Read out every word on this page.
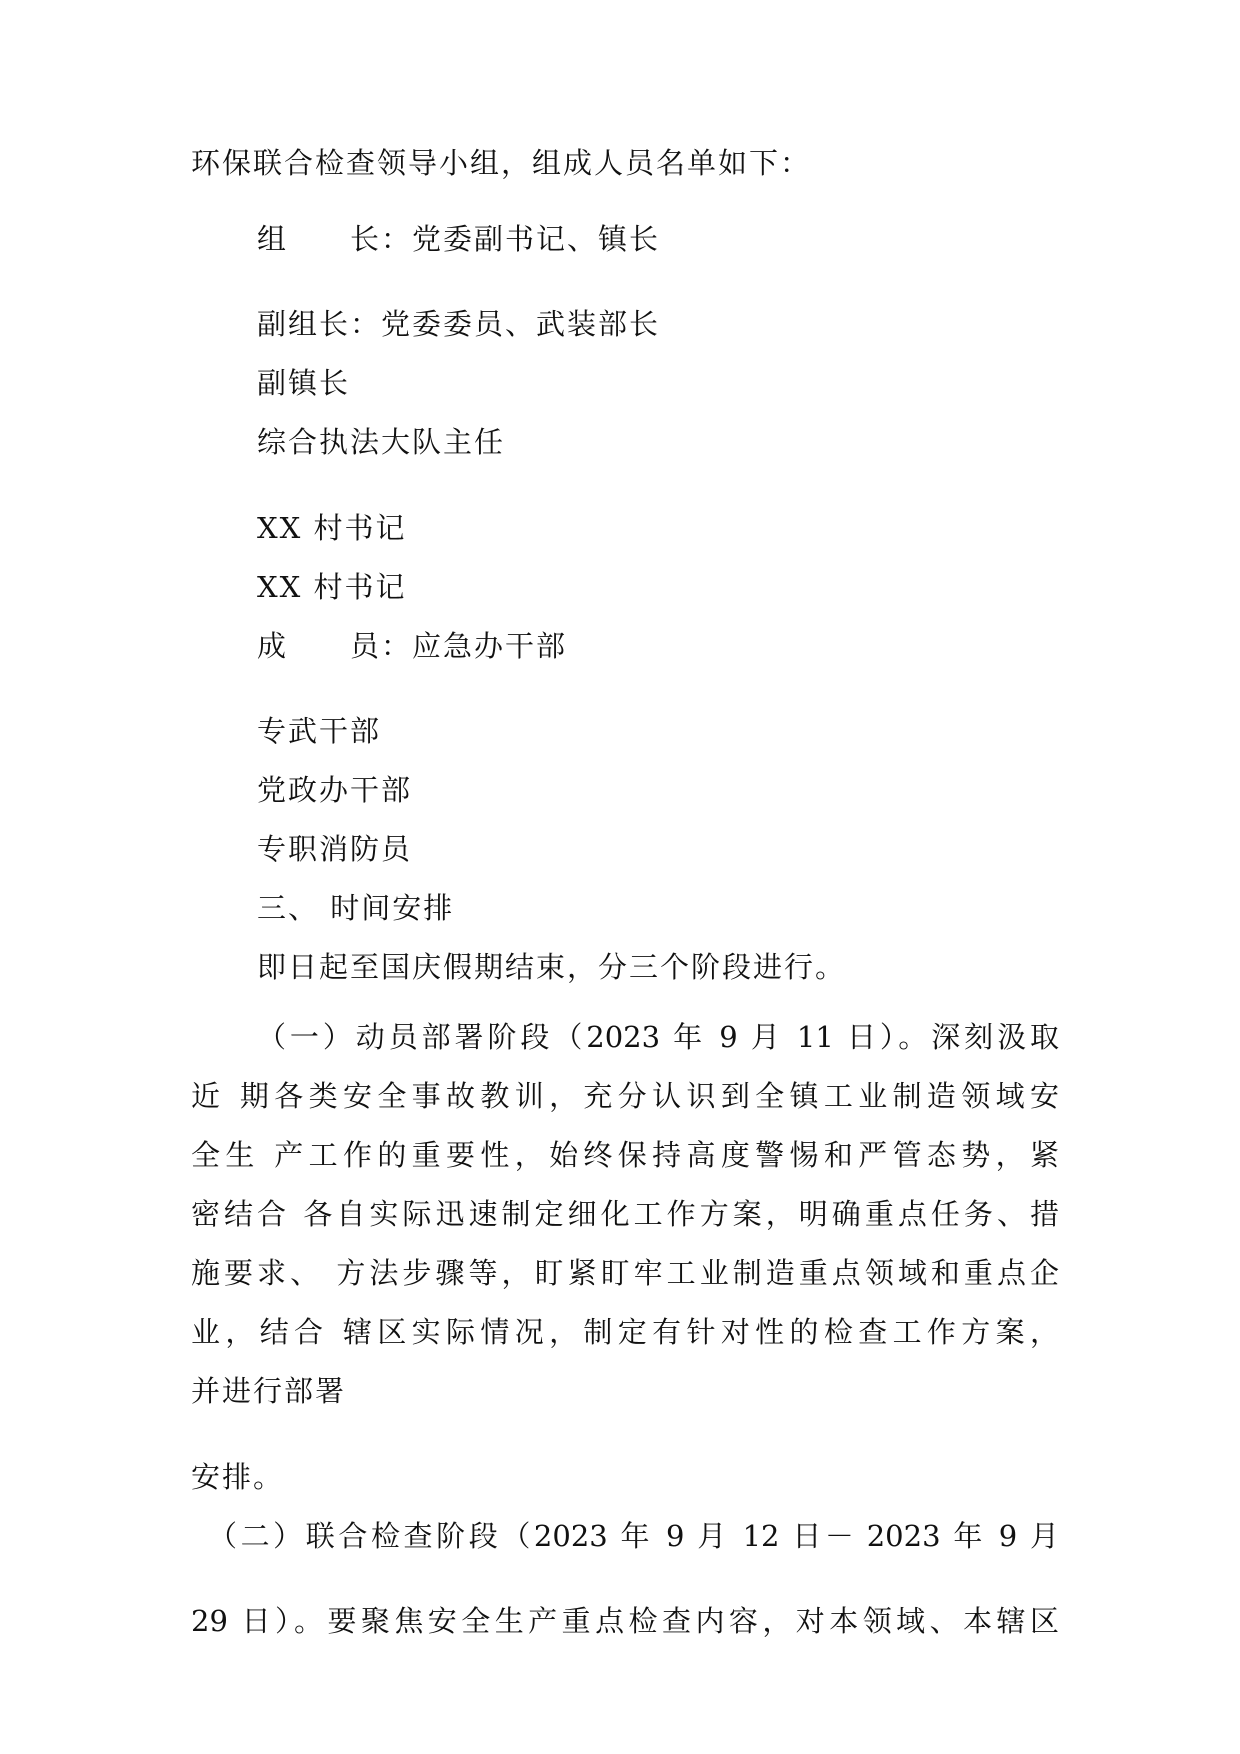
环保联合检查领导小组，组成人员名单如下：
组　　长：党委副书记、镇长
副组长：党委委员、武装部长
副镇长
综合执法大队主任
XX 村书记
XX 村书记
成　　员：应急办干部
专武干部
党政办干部
专职消防员
三、 时间安排
即日起至国庆假期结束，分三个阶段进行。
（一）动员部署阶段（2023 年 9 月 11 日）。深刻汲取
近 期各类安全事故教训，充分认识到全镇工业制造领域安
全生 产工作的重要性，始终保持高度警惕和严管态势，紧
密结合 各自实际迅速制定细化工作方案，明确重点任务、措
施要求、 方法步骤等，盯紧盯牢工业制造重点领域和重点企
业，结合 辖区实际情况，制定有针对性的检查工作方案，
并进行部署
安排。
（二）联合检查阶段（2023 年 9 月 12 日－ 2023 年 9 月
29 日）。要聚焦安全生产重点检查内容，对本领域、本辖区
